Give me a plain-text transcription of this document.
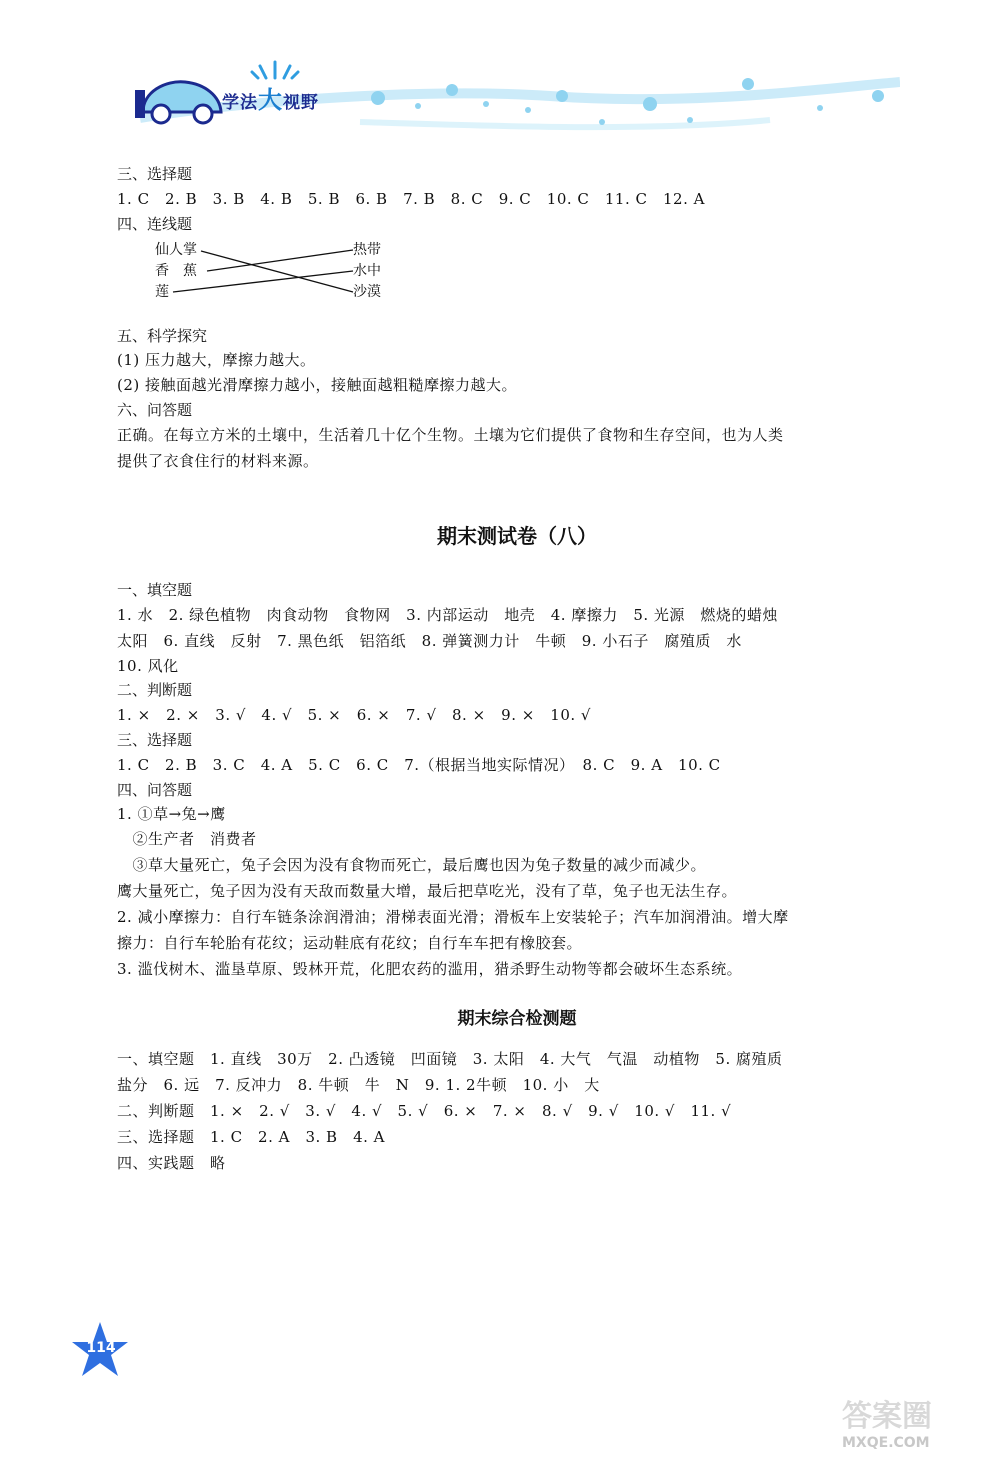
学法大视野
三、选择题
1. C　2. B　3. B　4. B　5. B　6. B　7. B　8. C　9. C　10. C　11. C　12. A
四、连线题
仙人掌
香　蕉
莲
热带
水中
沙漠
五、科学探究
(1) 压力越大，摩擦力越大。
(2) 接触面越光滑摩擦力越小，接触面越粗糙摩擦力越大。
六、问答题
正确。在每立方米的土壤中，生活着几十亿个生物。土壤为它们提供了食物和生存空间，也为人类
提供了衣食住行的材料来源。
期末测试卷（八）
一、填空题
1. 水　2. 绿色植物　肉食动物　食物网　3. 内部运动　地壳　4. 摩擦力　5. 光源　燃烧的蜡烛
太阳　6. 直线　反射　7. 黑色纸　铝箔纸　8. 弹簧测力计　牛顿　9. 小石子　腐殖质　水
10. 风化
二、判断题
1. ×　2. ×　3. √　4. √　5. ×　6. ×　7. √　8. ×　9. ×　10. √
三、选择题
1. C　2. B　3. C　4. A　5. C　6. C　7.（根据当地实际情况）　8. C　9. A　10. C
四、问答题
1. ①草→兔→鹰
　②生产者　消费者
　③草大量死亡，兔子会因为没有食物而死亡，最后鹰也因为兔子数量的减少而减少。
鹰大量死亡，兔子因为没有天敌而数量大增，最后把草吃光，没有了草，兔子也无法生存。
2. 减小摩擦力：自行车链条涂润滑油；滑梯表面光滑；滑板车上安装轮子；汽车加润滑油。增大摩
擦力：自行车轮胎有花纹；运动鞋底有花纹；自行车车把有橡胶套。
3. 滥伐树木、滥垦草原、毁林开荒，化肥农药的滥用，猎杀野生动物等都会破坏生态系统。
期末综合检测题
一、填空题　1. 直线　30万　2. 凸透镜　凹面镜　3. 太阳　4. 大气　气温　动植物　5. 腐殖质
盐分　6. 远　7. 反冲力　8. 牛顿　牛　N　9. 1. 2牛顿　10. 小　大
二、判断题　1. ×　2. √　3. √　4. √　5. √　6. ×　7. ×　8. √　9. √　10. √　11. √
三、选择题　1. C　2. A　3. B　4. A
四、实践题　略
114
答案圈
MXQE.COM
